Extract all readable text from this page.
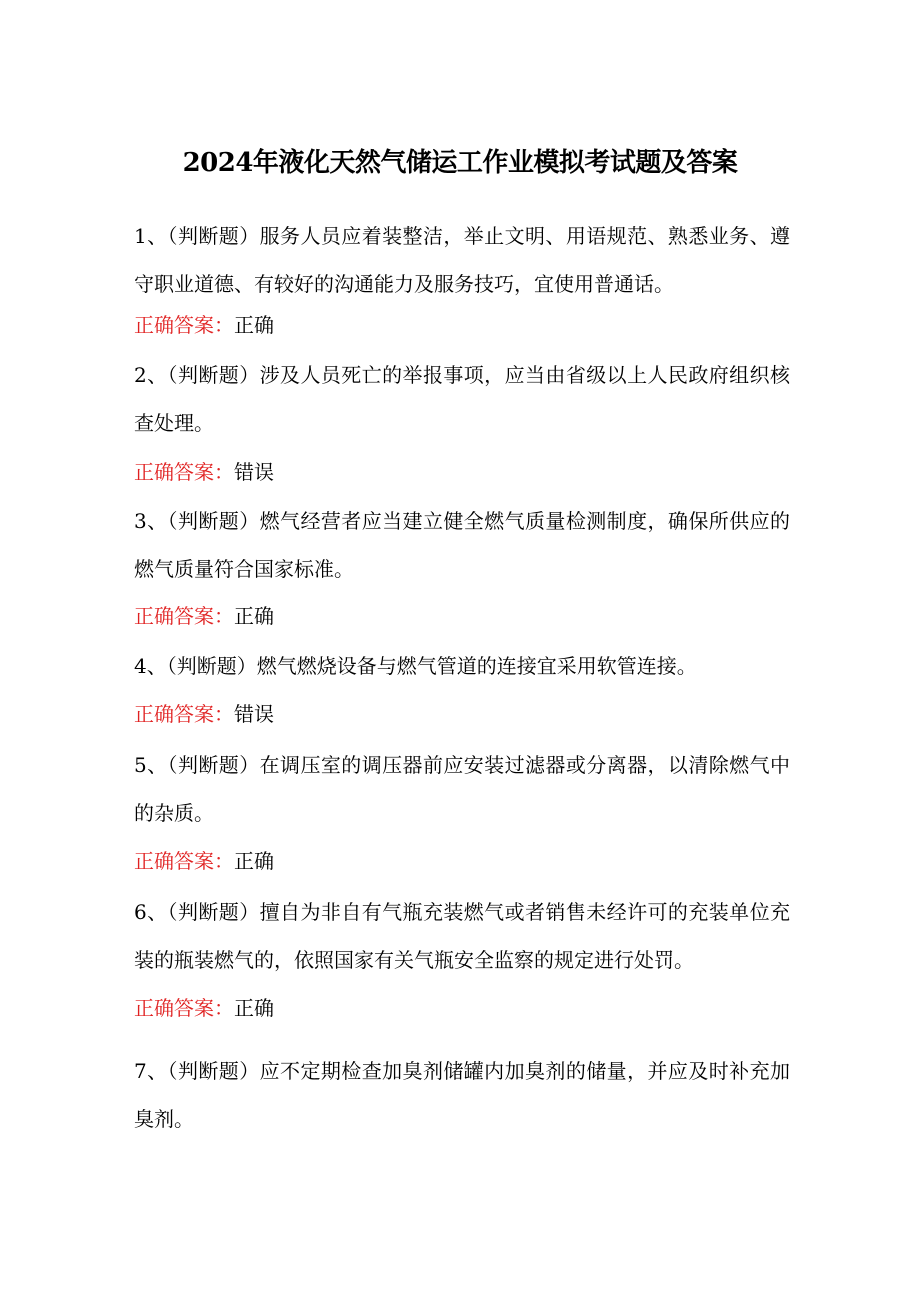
2024年液化天然气储运工作业模拟考试题及答案
1、（判断题）服务人员应着装整洁，举止文明、用语规范、熟悉业务、遵守职业道德、有较好的沟通能力及服务技巧，宜使用普通话。
正确答案：正确
2、（判断题）涉及人员死亡的举报事项，应当由省级以上人民政府组织核查处理。
正确答案：错误
3、（判断题）燃气经营者应当建立健全燃气质量检测制度，确保所供应的燃气质量符合国家标准。
正确答案：正确
4、（判断题）燃气燃烧设备与燃气管道的连接宜采用软管连接。
正确答案：错误
5、（判断题）在调压室的调压器前应安装过滤器或分离器，以清除燃气中的杂质。
正确答案：正确
6、（判断题）擅自为非自有气瓶充装燃气或者销售未经许可的充装单位充装的瓶装燃气的，依照国家有关气瓶安全监察的规定进行处罚。
正确答案：正确
7、（判断题）应不定期检查加臭剂储罐内加臭剂的储量，并应及时补充加臭剂。
